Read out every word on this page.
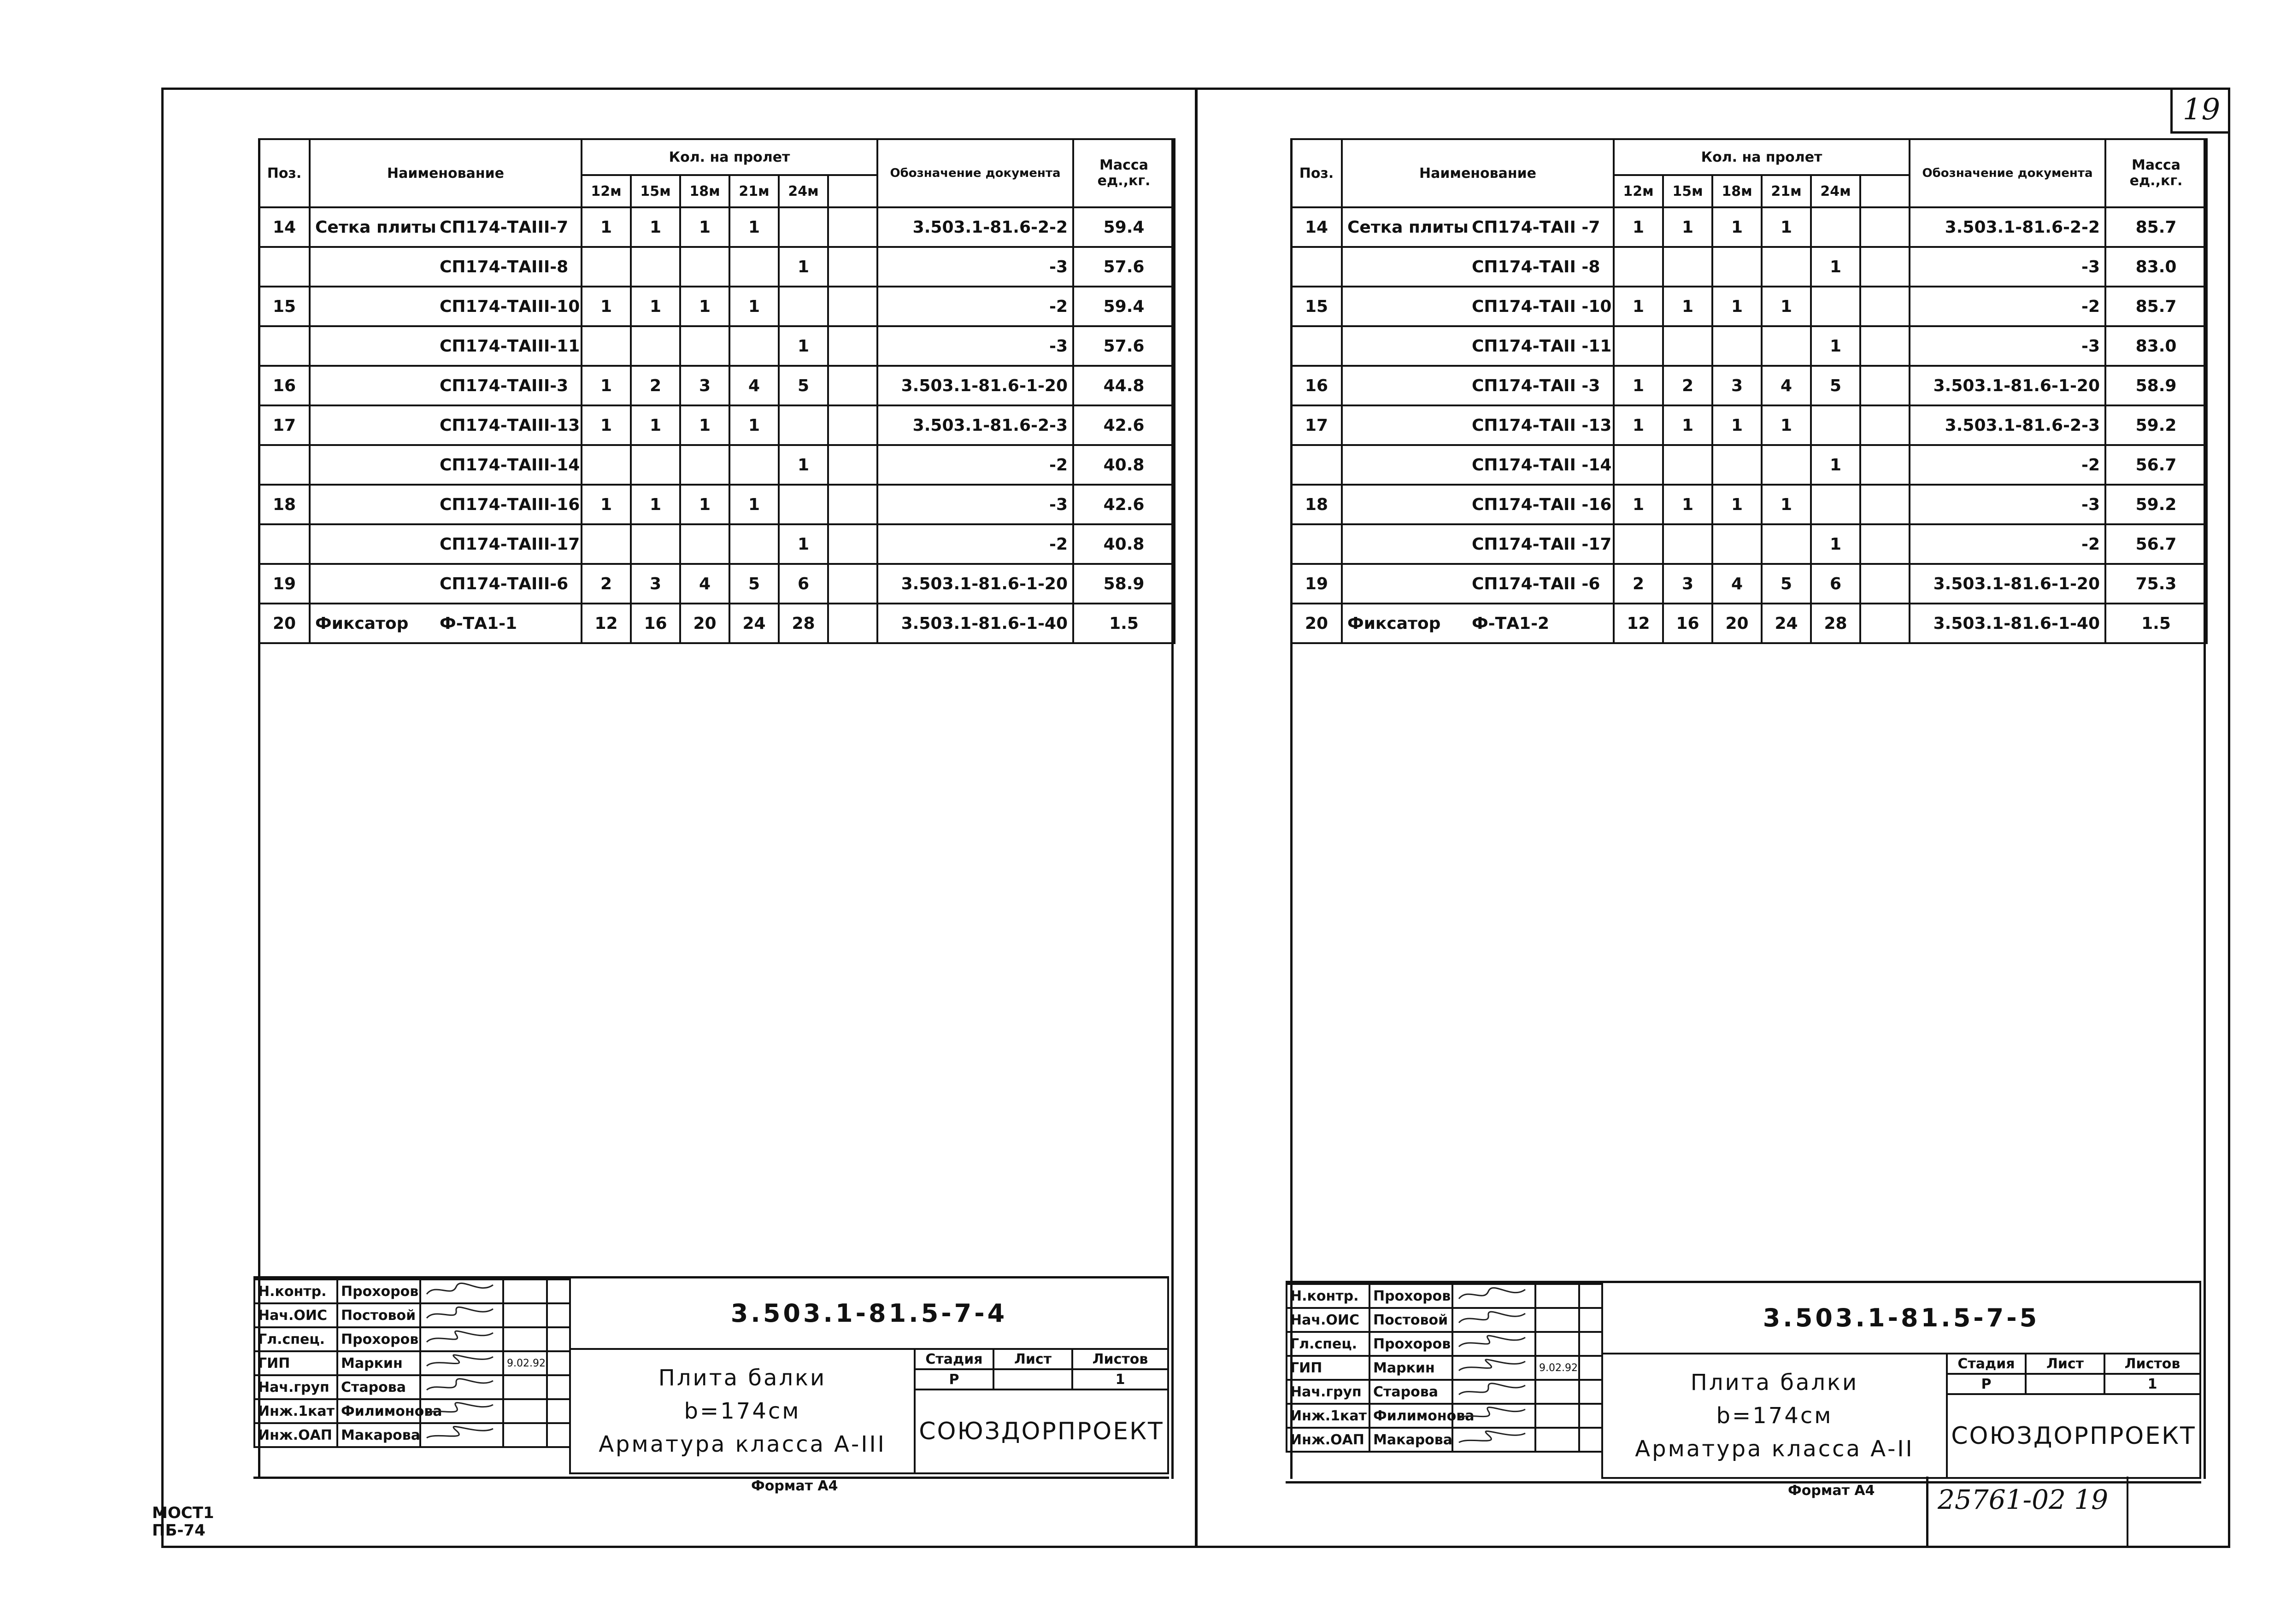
19
МОСТ1
ПБ-74
Поз.	Наименование	Кол. на пролет						Обозначение документа	Масса
ед.,кг.

		12м	15м	18м	21м	24м			
14	Сетка плиты СП174-ТАIII-7	1	1	1	1			3.503.1-81.6-2-2	59.4
	СП174-ТАIII-8					1		-3	57.6
15	СП174-ТАIII-10	1	1	1	1			-2	59.4
	СП174-ТАIII-11					1		-3	57.6
16	СП174-ТАIII-3	1	2	3	4	5		3.503.1-81.6-1-20	44.8
17	СП174-ТАIII-13	1	1	1	1			3.503.1-81.6-2-3	42.6
	СП174-ТАIII-14					1		-2	40.8
18	СП174-ТАIII-16	1	1	1	1			-3	42.6
	СП174-ТАIII-17					1		-2	40.8
19	СП174-ТАIII-6	2	3	4	5	6		3.503.1-81.6-1-20	58.9
20	Фиксатор Ф-ТА1-1	12	16	20	24	28		3.503.1-81.6-1-40	1.5
Поз.	Наименование	Кол. на пролет						Обозначение документа	Масса
ед.,кг.

		12м	15м	18м	21м	24м			
14	Сетка плиты СП174-ТАII -7	1	1	1	1			3.503.1-81.6-2-2	85.7
	СП174-ТАII -8					1		-3	83.0
15	СП174-ТАII -10	1	1	1	1			-2	85.7
	СП174-ТАII -11					1		-3	83.0
16	СП174-ТАII -3	1	2	3	4	5		3.503.1-81.6-1-20	58.9
17	СП174-ТАII -13	1	1	1	1			3.503.1-81.6-2-3	59.2
	СП174-ТАII -14					1		-2	56.7
18	СП174-ТАII -16	1	1	1	1			-3	59.2
	СП174-ТАII -17					1		-2	56.7
19	СП174-ТАII -6	2	3	4	5	6		3.503.1-81.6-1-20	75.3
20	Фиксатор Ф-ТА1-2	12	16	20	24	28		3.503.1-81.6-1-40	1.5
Н.контр.	Прохоров			
Нач.ОИС	Постовой			
Гл.спец.	Прохоров			
ГИП	Маркин		9.02.92	
Нач.груп	Старова			
Инж.1кат	Филимонова			
Инж.ОАП	Макарова			
3.503.1-81.5-7-4
Плита балки
b=174см
Арматура класса А-III
Стадия	Лист	Листов
Р	1
СОЮЗДОРПРОЕКТ
Формат А4
Н.контр.	Прохоров			
Нач.ОИС	Постовой			
Гл.спец.	Прохоров			
ГИП	Маркин		9.02.92	
Нач.груп	Старова			
Инж.1кат	Филимонова			
Инж.ОАП	Макарова			
3.503.1-81.5-7-5
Плита балки
b=174см
Арматура класса А-II
Стадия	Лист	Листов
Р	1
СОЮЗДОРПРОЕКТ
Формат А4 25761-02 19
